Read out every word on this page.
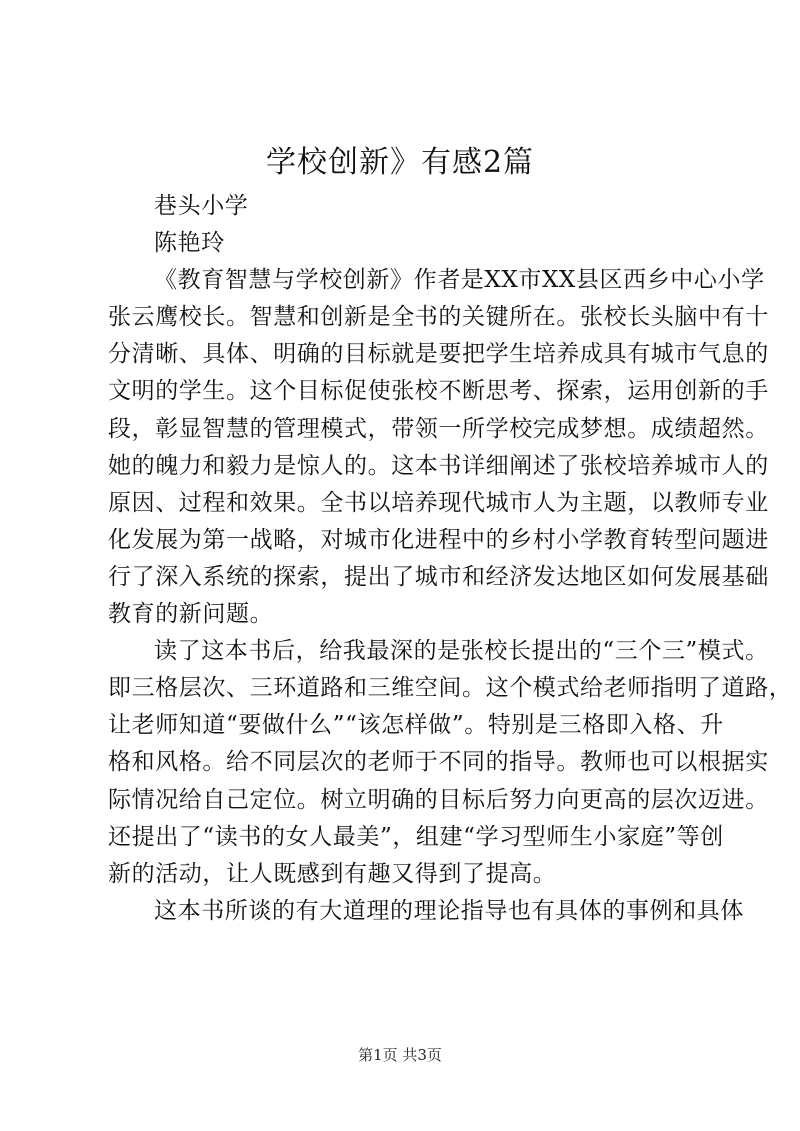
学校创新》有感2篇
巷头小学
陈艳玲
《教育智慧与学校创新》作者是XX市XX县区西乡中心小学
张云鹰校长。智慧和创新是全书的关键所在。张校长头脑中有十
分清晰、具体、明确的目标就是要把学生培养成具有城市气息的
文明的学生。这个目标促使张校不断思考、探索，运用创新的手
段，彰显智慧的管理模式，带领一所学校完成梦想。成绩超然。
她的魄力和毅力是惊人的。这本书详细阐述了张校培养城市人的
原因、过程和效果。全书以培养现代城市人为主题，以教师专业
化发展为第一战略，对城市化进程中的乡村小学教育转型问题进
行了深入系统的探索，提出了城市和经济发达地区如何发展基础
教育的新问题。
读了这本书后，给我最深的是张校长提出的“三个三”模式。
即三格层次、三环道路和三维空间。这个模式给老师指明了道路，
让老师知道“要做什么”“该怎样做”。特别是三格即入格、升
格和风格。给不同层次的老师于不同的指导。教师也可以根据实
际情况给自己定位。树立明确的目标后努力向更高的层次迈进。
还提出了“读书的女人最美”，组建“学习型师生小家庭”等创
新的活动，让人既感到有趣又得到了提高。
这本书所谈的有大道理的理论指导也有具体的事例和具体
第1页 共3页
